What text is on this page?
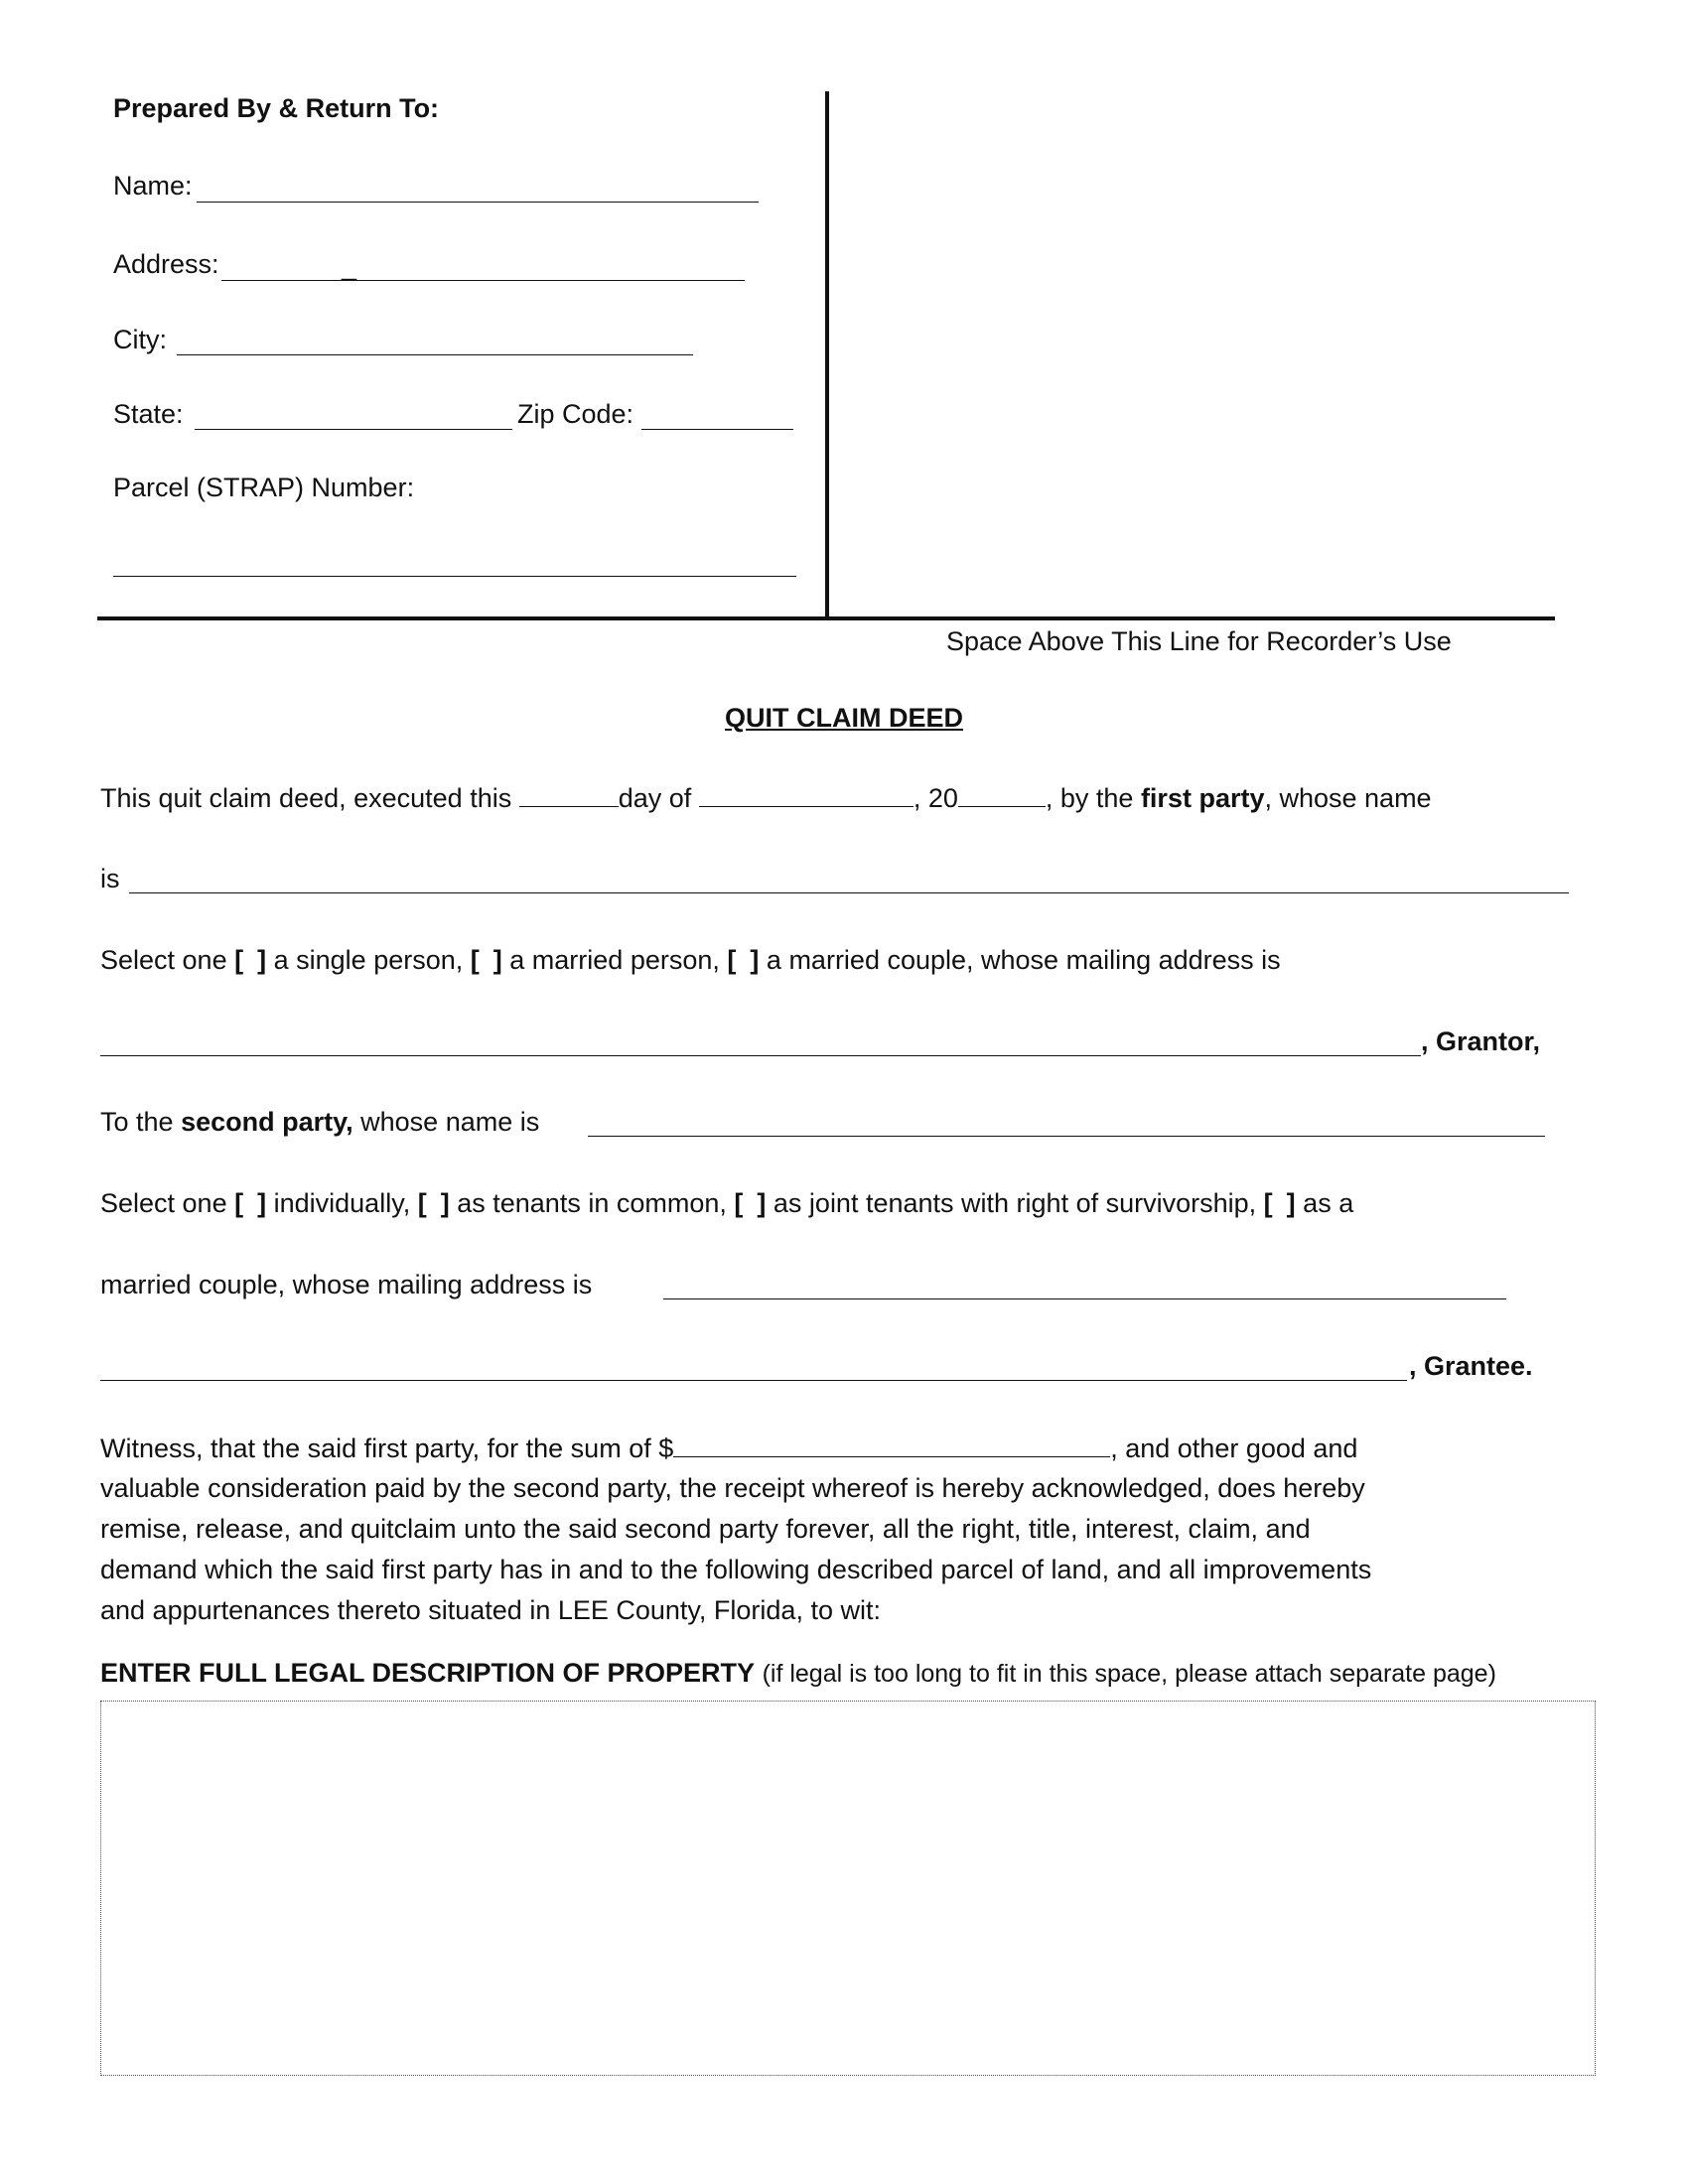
Prepared By & Return To:
Name:
Address:	_
City:
State:	Zip Code:
Parcel (STRAP) Number:
Space Above This Line for Recorder’s Use
QUIT CLAIM DEED
This quit claim deed, executed this	day of	, 20	, by the first party, whose name
is
Select one [ ] a single person, [ ] a married person, [ ] a married couple, whose mailing address is
, Grantor,
To the second party, whose name is
Select one [ ] individually, [ ] as tenants in common, [ ] as joint tenants with right of survivorship, [ ] as a
married couple, whose mailing address is
, Grantee.
Witness, that the said first party, for the sum of $	, and other good and
valuable consideration paid by the second party, the receipt whereof is hereby acknowledged, does hereby
remise, release, and quitclaim unto the said second party forever, all the right, title, interest, claim, and
demand which the said first party has in and to the following described parcel of land, and all improvements
and appurtenances thereto situated in LEE County, Florida, to wit:
ENTER FULL LEGAL DESCRIPTION OF PROPERTY (if legal is too long to fit in this space, please attach separate page)
